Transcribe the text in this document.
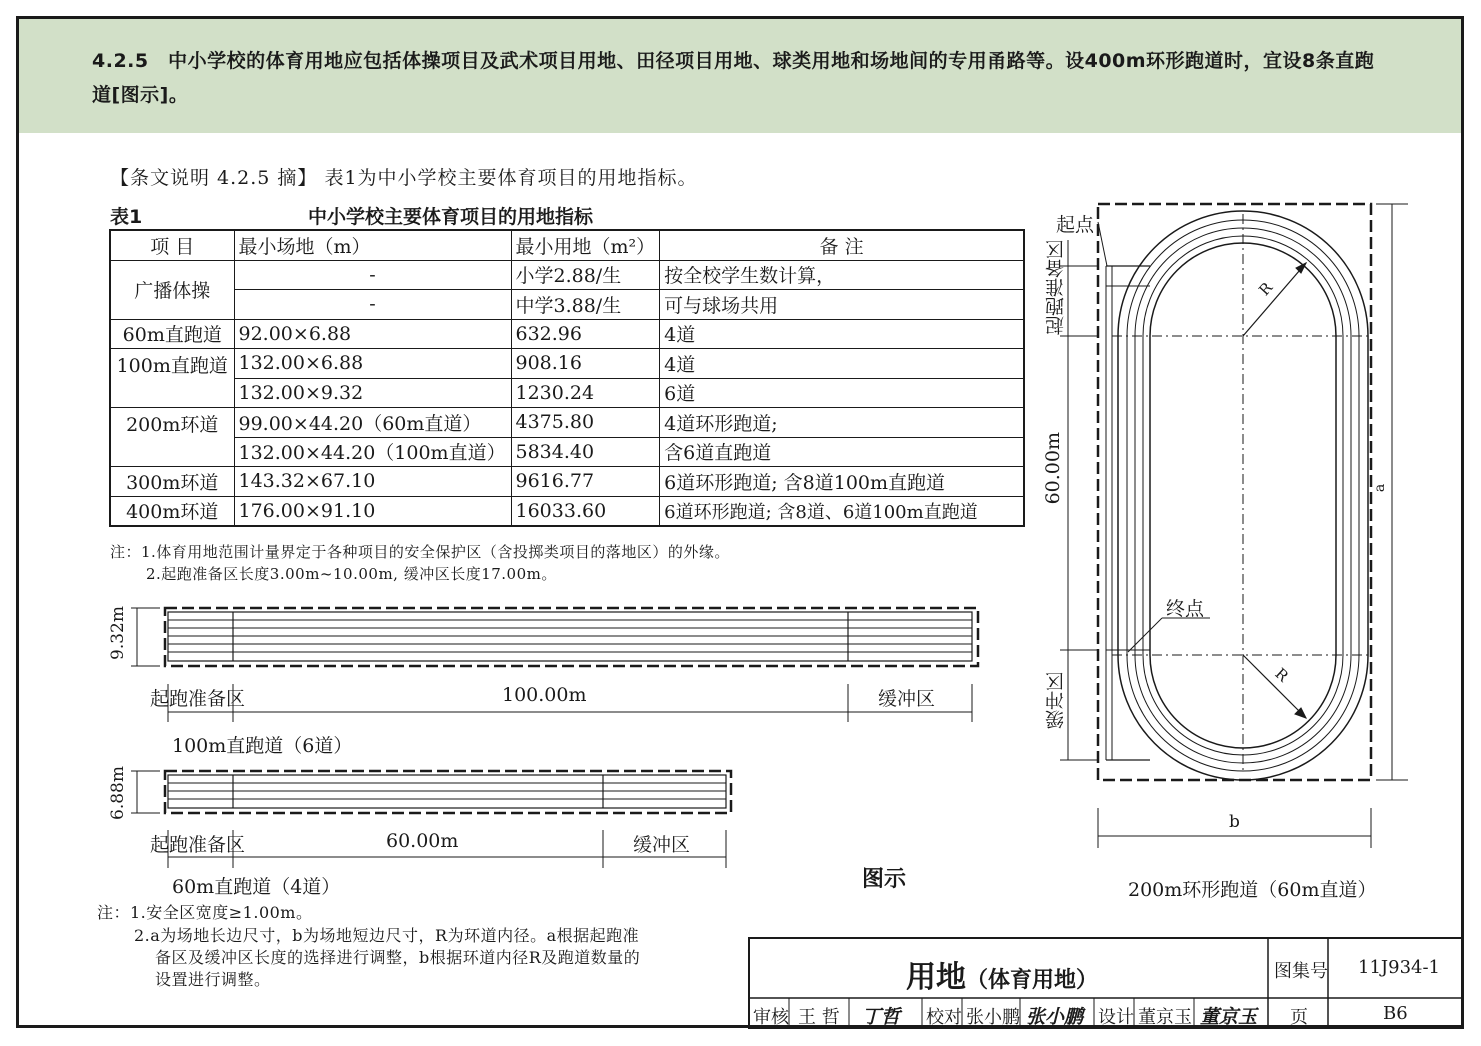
4.2.5　中小学校的体育用地应包括体操项目及武术项目用地、田径项目用地、球类用地和场地间的专用甬路等。设400m环形跑道时，宜设8条直跑道[图示]。
【条文说明 4.2.5 摘】 表1为中小学校主要体育项目的用地指标。
表1	中小学校主要体育项目的用地指标
项 目	最小场地（m）	最小用地（m²）	备 注
广播体操	-	小学2.88/生	按全校学生数计算，
	-	中学3.88/生	可与球场共用
60m直跑道	92.00×6.88	632.96	4道
100m直跑道	132.00×6.88	908.16	4道
	132.00×9.32	1230.24	6道
200m环道	99.00×44.20（60m直道）	4375.80	4道环形跑道;
	132.00×44.20（100m直道）	5834.40	含6道直跑道
300m环道	143.32×67.10	9616.77	6道环形跑道; 含8道100m直跑道
400m环道	176.00×91.10	16033.60	6道环形跑道; 含8道、6道100m直跑道
注：1.体育用地范围计量界定于各种项目的安全保护区（含投掷类项目的落地区）的外缘。
2.起跑准备区长度3.00m~10.00m, 缓冲区长度17.00m。
9.32m
起跑准备区	100.00m	缓冲区
100m直跑道（6道）
6.88m
起跑准备区	60.00m	缓冲区
60m直跑道（4道）
起点
起跑准备区
60.00m
终点
缓冲区
R
R
a
b
200m环形跑道（60m直道）
图示
注：1.安全区宽度≥1.00m。
2.a为场地长边尺寸，b为场地短边尺寸，R为环道内径。a根据起跑准
备区及缓冲区长度的选择进行调整，b根据环道内径R及跑道数量的
设置进行调整。	用地（体育用地）	图集号 11J934-1
审核 王 哲 丁哲 校对 张小鹏 张小鹏 设计 董京玉 董京玉 页	B6
